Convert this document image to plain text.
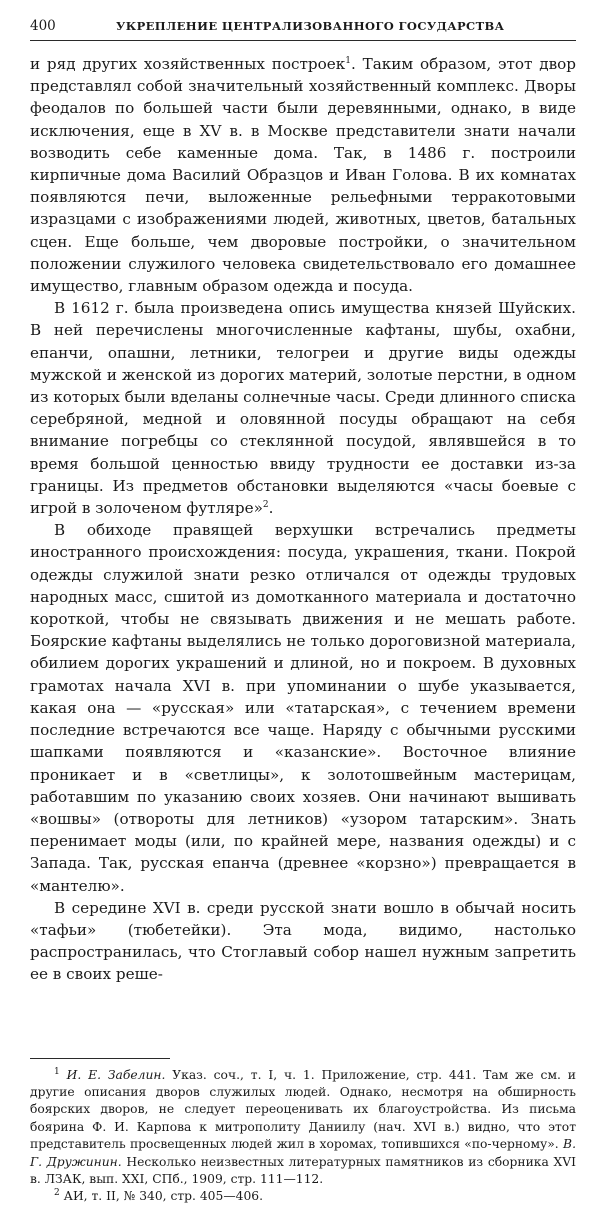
400	УКРЕПЛЕНИЕ ЦЕНТРАЛИЗОВАННОГО ГОСУДАРСТВА

и ряд других хозяйственных построек$^1$. Таким образом, этот двор представлял собой значительный хозяйственный комплекс. Дворы феодалов по большей части были деревянными, однако, в виде исключения, еще в XV в. в Москве представители знати начали возводить себе каменные дома. Так, в 1486 г. построили кирпичные дома Василий Образцов и Иван Голова. В их комнатах появляются печи, выложенные рельефными терракотовыми изразцами с изображениями людей, животных, цветов, батальных сцен. Еще больше, чем дворовые постройки, о значительном положении служилого человека свидетельствовало его домашнее имущество, главным образом одежда и посуда.

В 1612 г. была произведена опись имущества князей Шуйских. В ней перечислены многочисленные кафтаны, шубы, охабни, епанчи, опашни, летники, телогреи и другие виды одежды мужской и женской из дорогих материй, золотые перстни, в одном из которых были вделаны солнечные часы. Среди длинного списка серебряной, медной и оловянной посуды обращают на себя внимание погребцы со стеклянной посудой, являвшейся в то время большой ценностью ввиду трудности ее доставки из-за границы. Из предметов обстановки выделяются «часы боевые с игрой в золоченом футляре»$^2$.

В обиходе правящей верхушки встречались предметы иностранного происхождения: посуда, украшения, ткани. Покрой одежды служилой знати резко отличался от одежды трудовых народных масс, сшитой из домотканного материала и достаточно короткой, чтобы не связывать движения и не мешать работе. Боярские кафтаны выделялись не только дороговизной материала, обилием дорогих украшений и длиной, но и покроем. В духовных грамотах начала XVI в. при упоминании о шубе указывается, какая она — «русская» или «татарская», с течением времени последние встречаются все чаще. Наряду с обычными русскими шапками появляются и «казанские». Восточное влияние проникает и в «светлицы», к золотошвейным мастерицам, работавшим по указанию своих хозяев. Они начинают вышивать «вошвы» (отвороты для летников) «узором татарским». Знать перенимает моды (или, по крайней мере, названия одежды) и с Запада. Так, русская епанча (древнее «корзно») превращается в «мантелю».

В середине XVI в. среди русской знати вошло в обычай носить «тафьи» (тюбетейки). Эта мода, видимо, настолько распространилась, что Стоглавый собор нашел нужным запретить ее в своих реше-

$^1$ И. Е. Забелин. Указ. соч., т. I, ч. 1. Приложение, стр. 441. Там же см. и другие описания дворов служилых людей. Однако, несмотря на обширность боярских дворов, не следует переоценивать их благоустройства. Из письма боярина Ф. И. Карпова к митрополиту Даниилу (нач. XVI в.) видно, что этот представитель просвещенных людей жил в хоромах, топившихся «по-черному». В. Г. Дружинин. Несколько неизвестных литературных памятников из сборника XVI в. ЛЗАК, вып. XXI, СПб., 1909, стр. 111—112.

$^2$ АИ, т. II, № 340, стр. 405—406.
